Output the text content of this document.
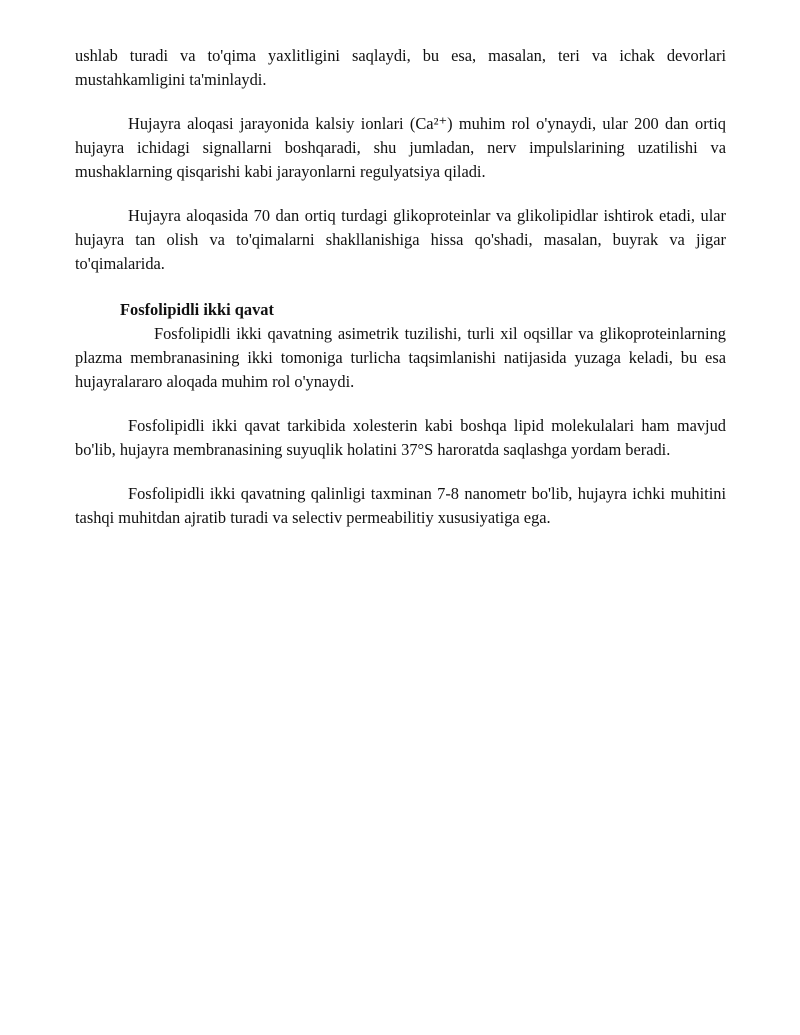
ushlab turadi va to'qima yaxlitligini saqlaydi, bu esa, masalan, teri va ichak devorlari mustahkamligini ta'minlaydi.

Hujayra aloqasi jarayonida kalsiy ionlari (Ca²⁺) muhim rol o'ynaydi, ular 200 dan ortiq hujayra ichidagi signallarni boshqaradi, shu jumladan, nerv impulslarining uzatilishi va mushaklarning qisqarishi kabi jarayonlarni regulyatsiya qiladi.

Hujayra aloqasida 70 dan ortiq turdagi glikoproteinlar va glikolipidlar ishtirok etadi, ular hujayra tan olish va to'qimalarni shakllanishiga hissa qo'shadi, masalan, buyrak va jigar to'qimalarida.

Fosfolipidli ikki qavat

Fosfolipidli ikki qavatning asimetrik tuzilishi, turli xil oqsillar va glikoproteinlarning plazma membranasining ikki tomoniga turlicha taqsimlanishi natijasida yuzaga keladi, bu esa hujayralararo aloqada muhim rol o'ynaydi.

Fosfolipidli ikki qavat tarkibida xolesterin kabi boshqa lipid molekulalari ham mavjud bo'lib, hujayra membranasining suyuqlik holatini 37°S haroratda saqlashga yordam beradi.

Fosfolipidli ikki qavatning qalinligi taxminan 7-8 nanometr bo'lib, hujayra ichki muhitini tashqi muhitdan ajratib turadi va selectiv permeabilitiy xususiyatiga ega.
